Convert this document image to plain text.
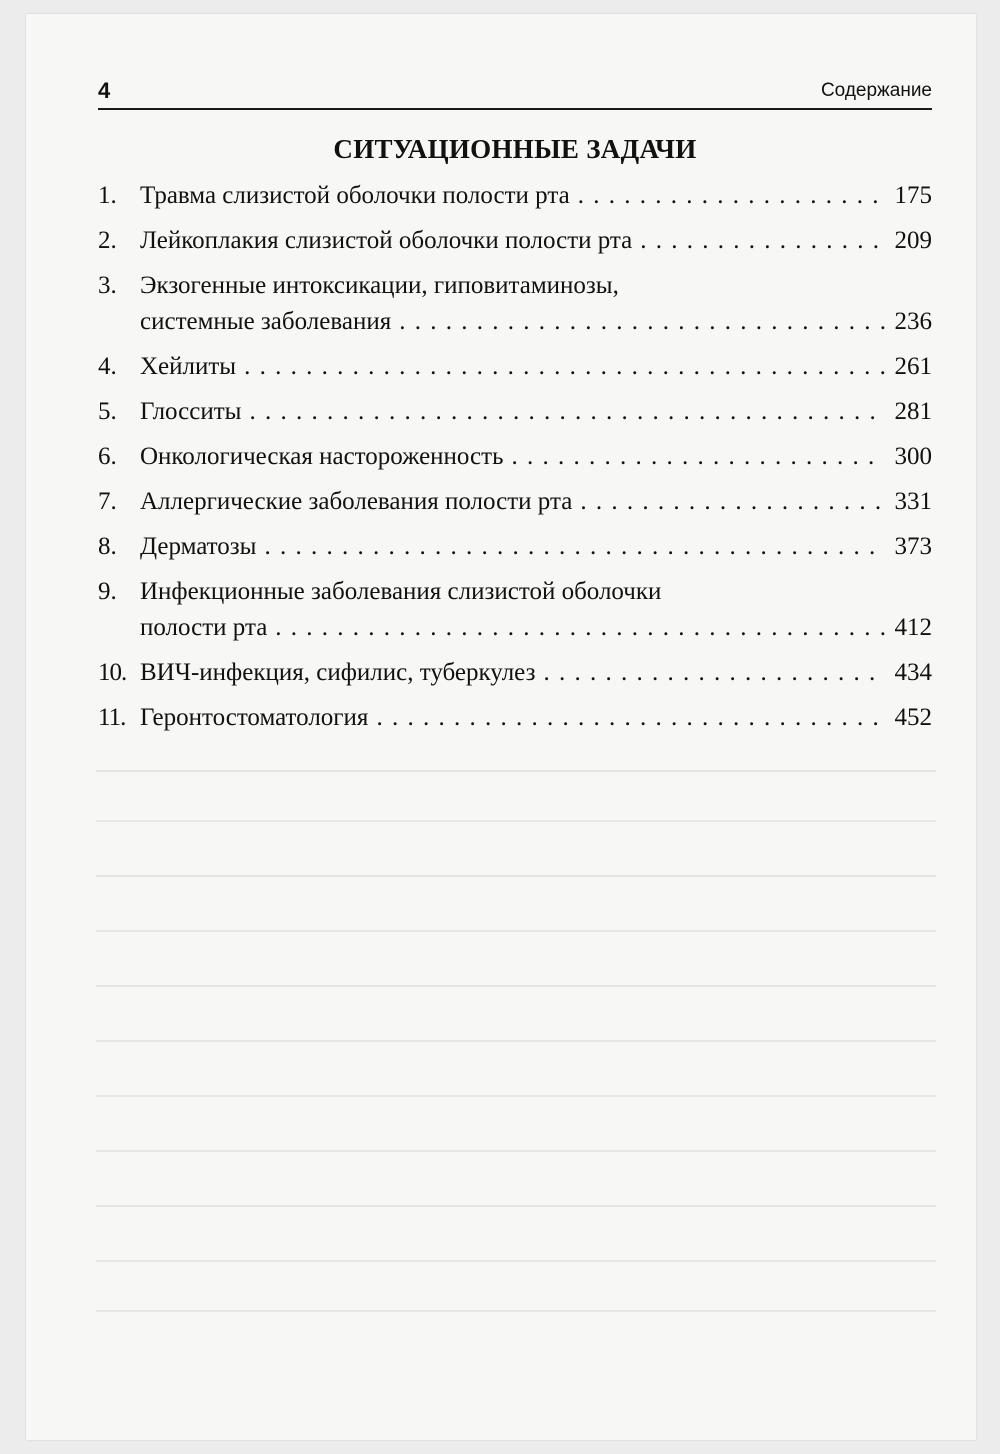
4	Содержание
СИТУАЦИОННЫЕ ЗАДАЧИ
1. Травма слизистой оболочки полости рта . . .	175
2. Лейкоплакия слизистой оболочки полости рта . . .	209
3. Экзогенные интоксикации, гиповитаминозы,
системные заболевания . . .	236
4. Хейлиты . . .	261
5. Глосситы . . .	281
6. Онкологическая настороженность . . .	300
7. Аллергические заболевания полости рта . . .	331
8. Дерматозы . . .	373
9. Инфекционные заболевания слизистой оболочки
полости рта . . .	412
10. ВИЧ-инфекция, сифилис, туберкулез . . .	434
11. Геронтостоматология . . .	452
